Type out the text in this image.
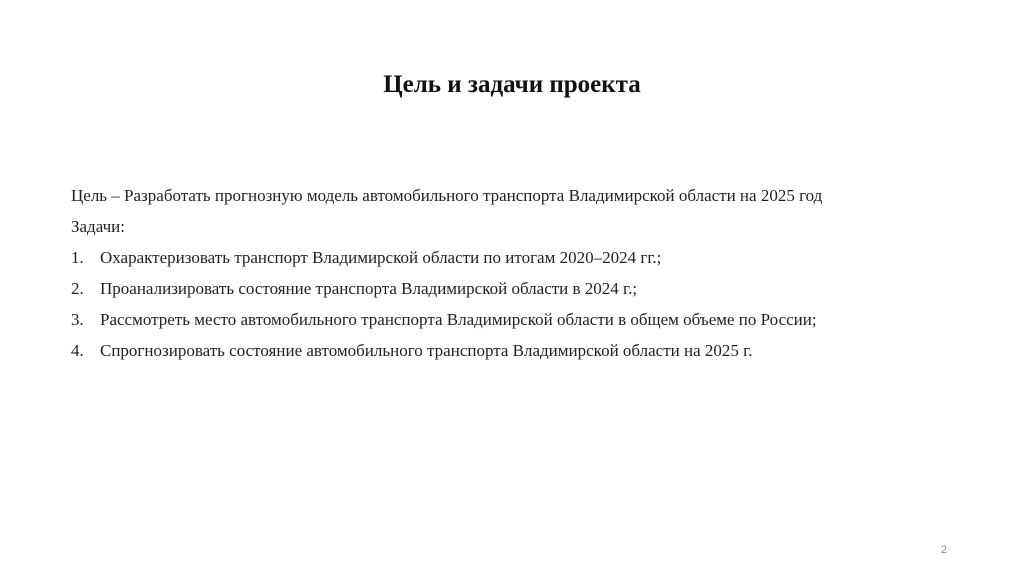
Цель и задачи проекта
Цель – Разработать прогнозную модель автомобильного транспорта Владимирской области на 2025 год
Задачи:
1. Охарактеризовать транспорт Владимирской области по итогам 2020–2024 гг.;
2. Проанализировать состояние транспорта Владимирской области в 2024 г.;
3. Рассмотреть место автомобильного транспорта Владимирской области в общем объеме по России;
4. Спрогнозировать состояние автомобильного транспорта Владимирской области на 2025 г.
2
